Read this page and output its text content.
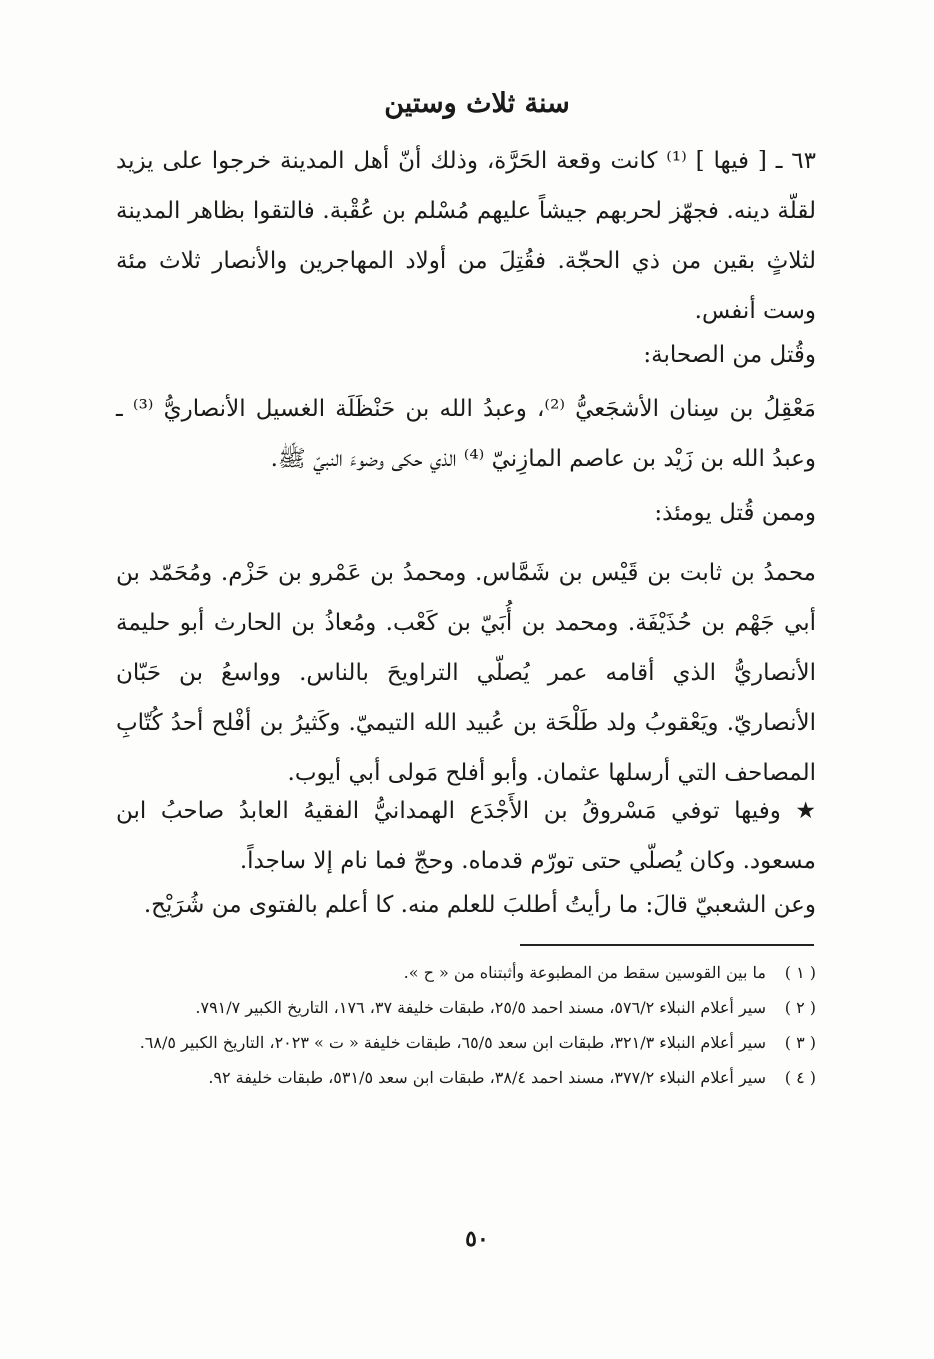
سنة ثلاث وستين

٦٣ ـ [ فيها ] ⁽¹⁾ كانت وقعة الحَرَّة، وذلك أنّ أهل المدينة خرجوا على يزيد لقلّة دينه. فجهّز لحربهم جيشاً عليهم مُسْلم بن عُقْبة. فالتقوا بظاهر المدينة لثلاثٍ بقين من ذي الحجّة. فقُتِلَ من أولاد المهاجرين والأنصار ثلاث مئة وست أنفس.

وقُتل من الصحابة:

مَعْقِلُ بن سِنان الأشجَعيُّ ⁽²⁾، وعبدُ الله بن حَنْظَلَة الغسيل الأنصاريُّ ⁽³⁾ ـ وعبدُ الله بن زَيْد بن عاصم المازِنيّ ⁽⁴⁾ الذي حكى وضوءَ النبيّ ﷺ.

وممن قُتل يومئذ:

محمدُ بن ثابت بن قَيْس بن شَمَّاس. ومحمدُ بن عَمْرو بن حَزْم. ومُحَمّد بن أبي جَهْم بن حُذَيْفَة. ومحمد بن أُبَيّ بن كَعْب. ومُعاذُ بن الحارث أبو حليمة الأنصاريُّ الذي أقامه عمر يُصلّي التراويحَ بالناس. وواسعُ بن حَبّان الأنصاريّ. ويَعْقوبُ ولد طَلْحَة بن عُبيد الله التيميّ. وكَثيرُ بن أفْلح أحدُ كُتّابِ المصاحف التي أرسلها عثمان. وأبو أفلح مَولى أبي أيوب.

★ وفيها توفي مَسْروقُ بن الأَجْدَع الهمدانيُّ الفقيهُ العابدُ صاحبُ ابن مسعود. وكان يُصلّي حتى تورّم قدماه. وحجّ فما نام إلا ساجداً.

وعن الشعبيّ قالَ: ما رأيتُ أطلبَ للعلم منه. كا أعلم بالفتوى من شُرَيْح.

( ١ )
ما بين القوسين سقط من المطبوعة وأثبتناه من « ح ».
( ٢ )
سير أعلام النبلاء ٥٧٦/٢، مسند احمد ٢٥/٥، طبقات خليفة ٣٧، ١٧٦، التاريخ الكبير ٧٩١/٧.
( ٣ )
سير أعلام النبلاء ٣٢١/٣، طبقات ابن سعد ٦٥/٥، طبقات خليفة « ت » ٢٠٢٣، التاريخ الكبير ٦٨/٥.
( ٤ )
سير أعلام النبلاء ٣٧٧/٢، مسند احمد ٣٨/٤، طبقات ابن سعد ٥٣١/٥، طبقات خليفة ٩٢.
٥٠
